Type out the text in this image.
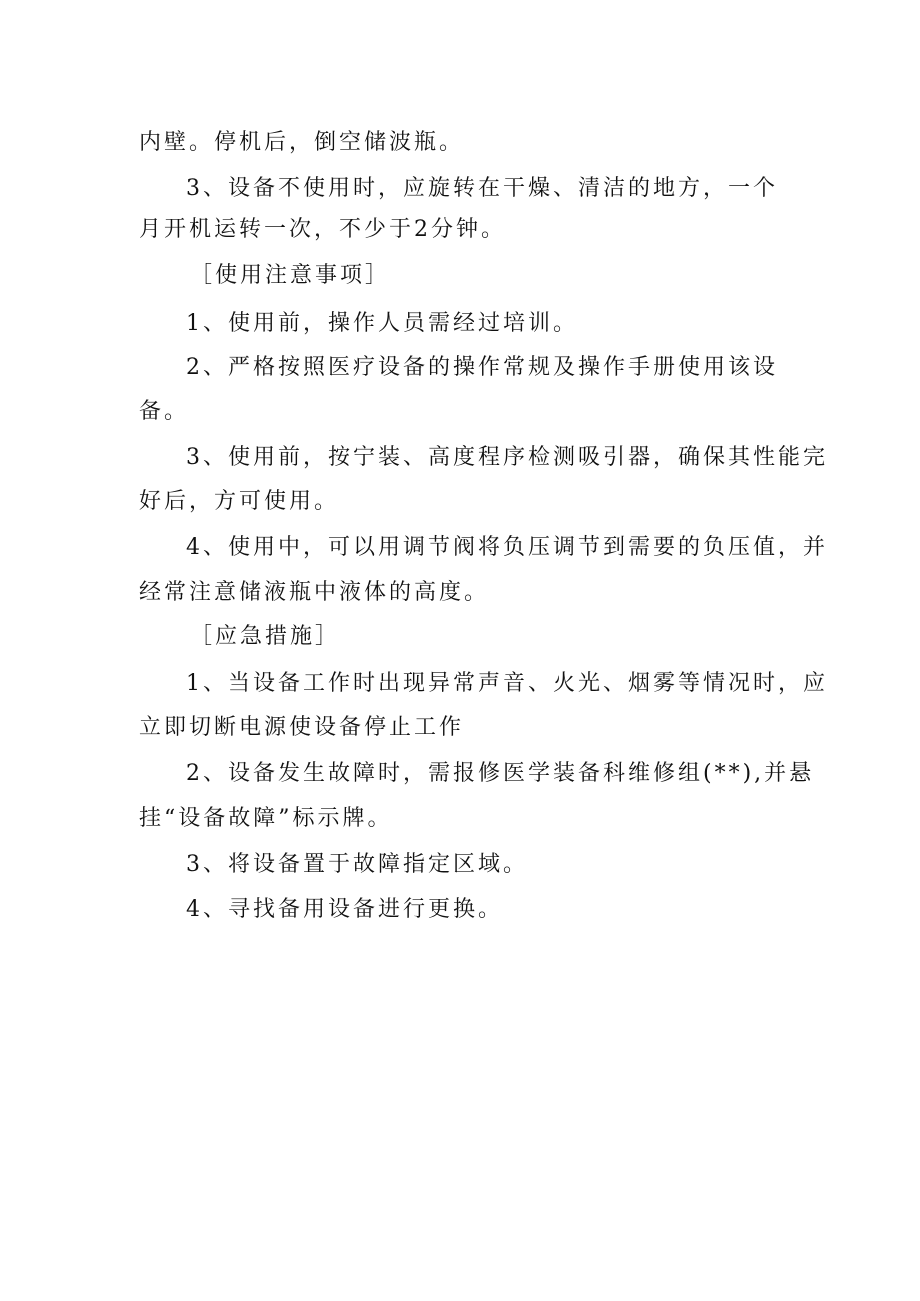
内壁。停机后，倒空储波瓶。
3、设备不使用时，应旋转在干燥、清洁的地方，一个
月开机运转一次，不少于2分钟。
［使用注意事项］
1、使用前，操作人员需经过培训。
2、严格按照医疗设备的操作常规及操作手册使用该设
备。
3、使用前，按宁装、高度程序检测吸引器，确保其性能完
好后，方可使用。
4、使用中，可以用调节阀将负压调节到需要的负压值，并
经常注意储液瓶中液体的高度。
［应急措施］
1、当设备工作时出现异常声音、火光、烟雾等情况时，应
立即切断电源使设备停止工作
2、设备发生故障时，需报修医学装备科维修组(**),并悬
挂“设备故障”标示牌。
3、将设备置于故障指定区域。
4、寻找备用设备进行更换。
